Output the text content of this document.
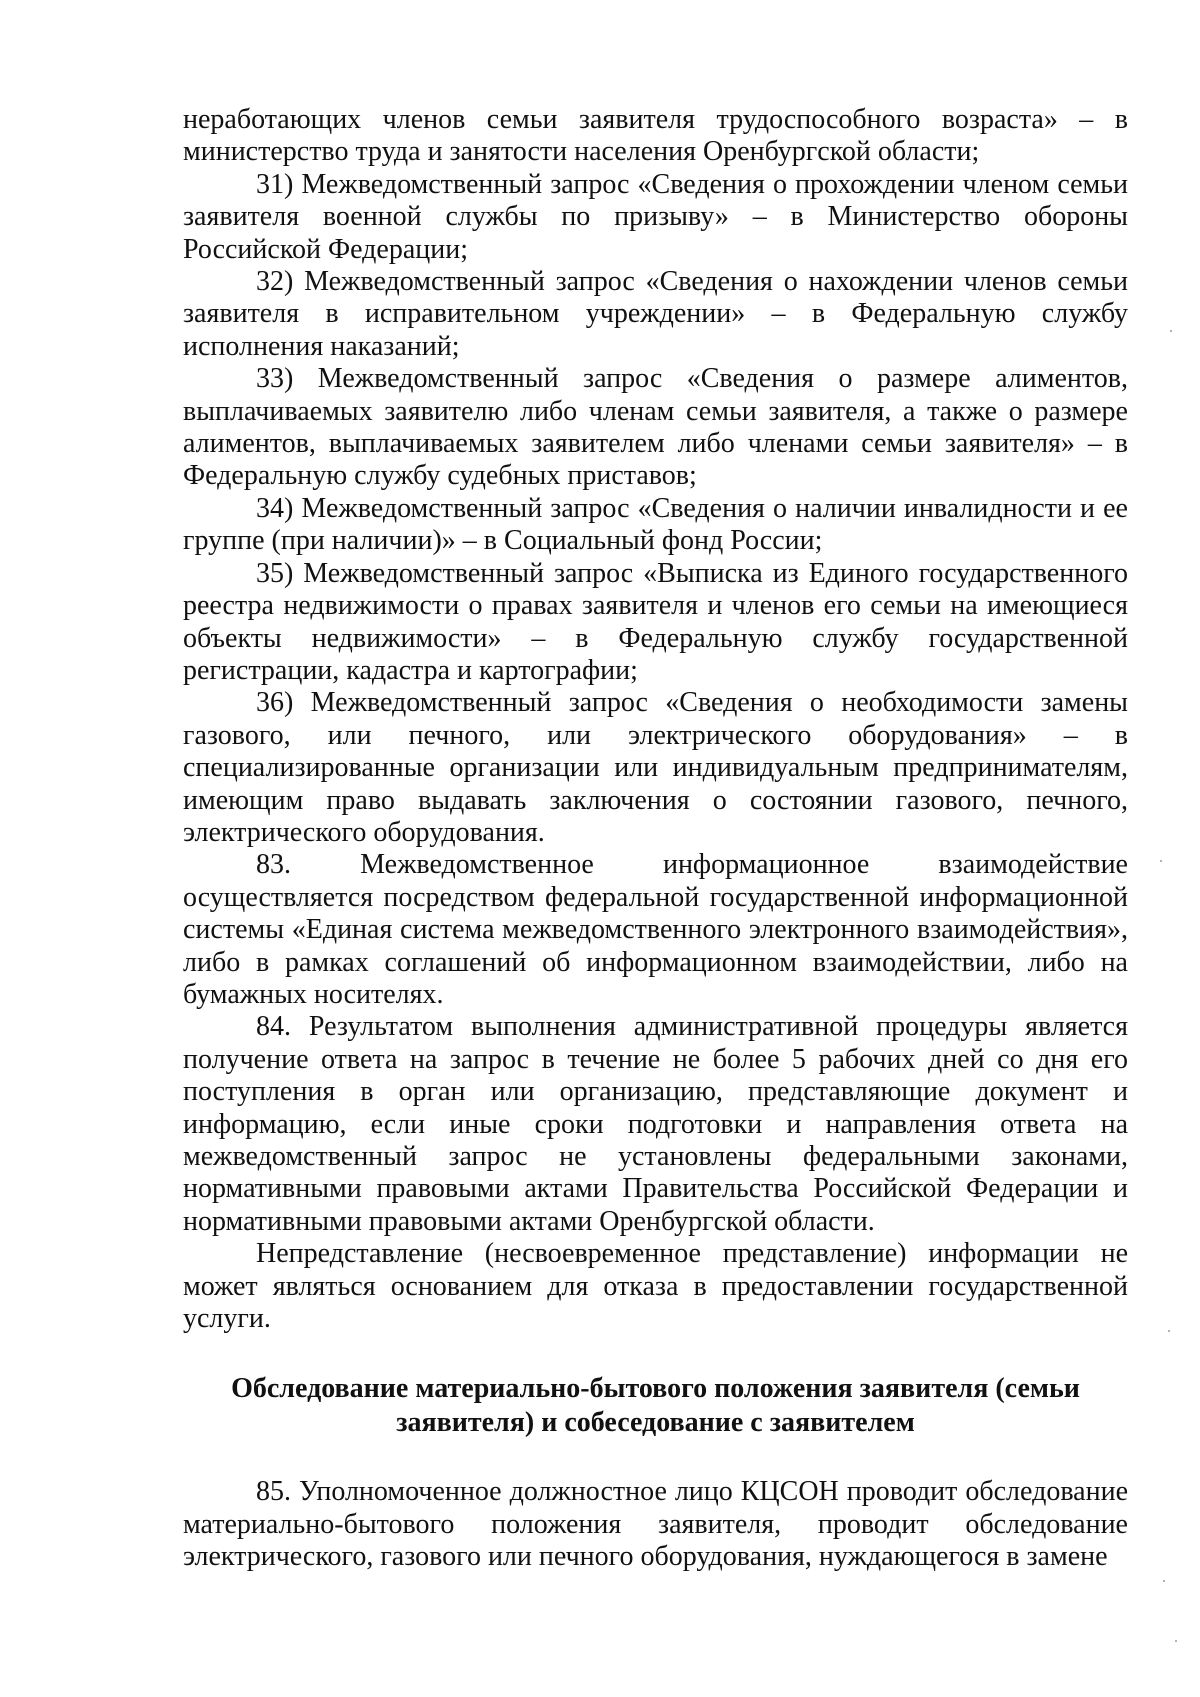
неработающих членов семьи заявителя трудоспособного возраста» – в министерство труда и занятости населения Оренбургской области;

31) Межведомственный запрос «Сведения о прохождении членом семьи заявителя военной службы по призыву» – в Министерство обороны Российской Федерации;

32) Межведомственный запрос «Сведения о нахождении членов семьи заявителя в исправительном учреждении» – в Федеральную службу исполнения наказаний;

33) Межведомственный запрос «Сведения о размере алиментов, выплачиваемых заявителю либо членам семьи заявителя, а также о размере алиментов, выплачиваемых заявителем либо членами семьи заявителя» – в Федеральную службу судебных приставов;

34) Межведомственный запрос «Сведения о наличии инвалидности и ее группе (при наличии)» – в Социальный фонд России;

35) Межведомственный запрос «Выписка из Единого государственного реестра недвижимости о правах заявителя и членов его семьи на имеющиеся объекты недвижимости» – в Федеральную службу государственной регистрации, кадастра и картографии;

36) Межведомственный запрос «Сведения о необходимости замены газового, или печного, или электрического оборудования» – в специализированные организации или индивидуальным предпринимателям, имеющим право выдавать заключения о состоянии газового, печного, электрического оборудования.

83. Межведомственное информационное взаимодействие осуществляется посредством федеральной государственной информационной системы «Единая система межведомственного электронного взаимодействия», либо в рамках соглашений об информационном взаимодействии, либо на бумажных носителях.

84. Результатом выполнения административной процедуры является получение ответа на запрос в течение не более 5 рабочих дней со дня его поступления в орган или организацию, представляющие документ и информацию, если иные сроки подготовки и направления ответа на межведомственный запрос не установлены федеральными законами, нормативными правовыми актами Правительства Российской Федерации и нормативными правовыми актами Оренбургской области.

Непредставление (несвоевременное представление) информации не может являться основанием для отказа в предоставлении государственной услуги.

Обследование материально-бытового положения заявителя (семьи заявителя) и собеседование с заявителем

85. Уполномоченное должностное лицо КЦСОН проводит обследование материально-бытового положения заявителя, проводит обследование электрического, газового или печного оборудования, нуждающегося в замене
